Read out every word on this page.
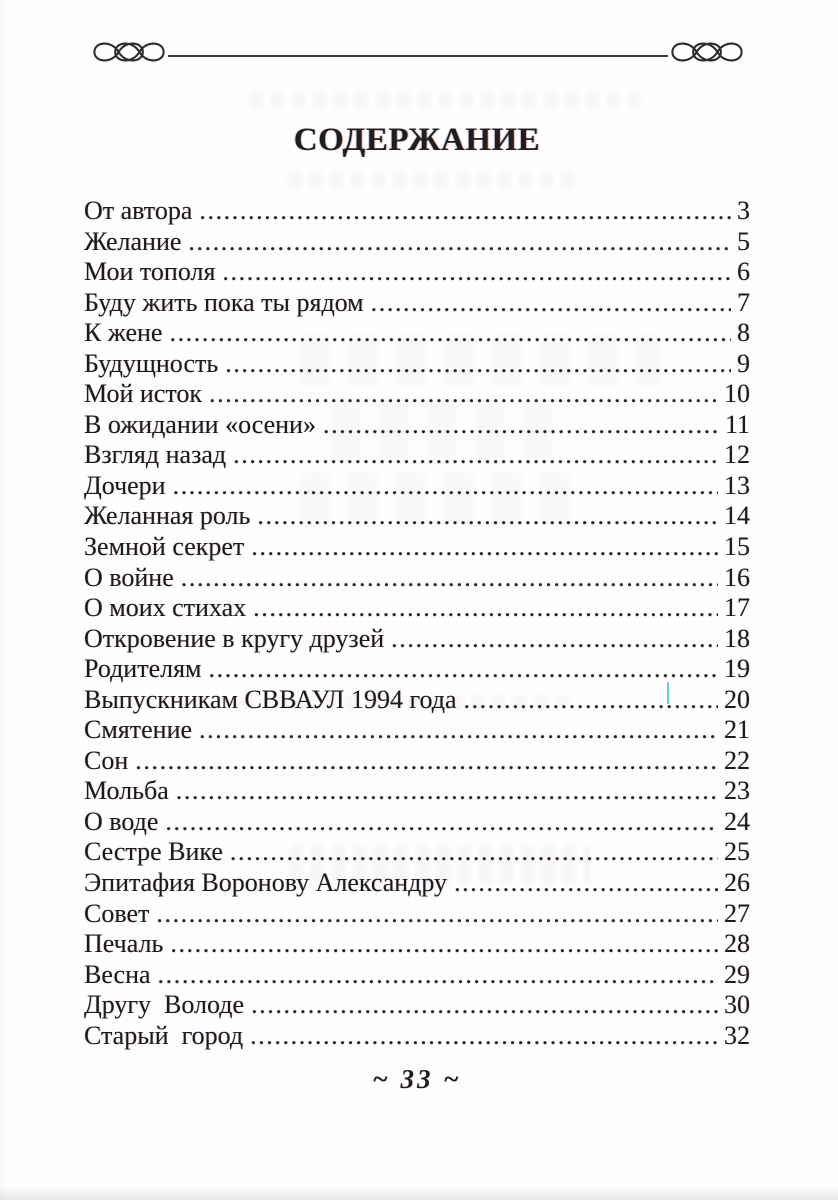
СОДЕРЖАНИЕ
От автора .....	3
Желание .....	5
Мои тополя .....	6
Буду жить пока ты рядом .....	7
К жене .....	8
Будущность .....	9
Мой исток .....	10
В ожидании «осени» .....	11
Взгляд назад .....	12
Дочери .....	13
Желанная роль .....	14
Земной секрет .....	15
О войне .....	16
О моих стихах .....	17
Откровение в кругу друзей .....	18
Родителям .....	19
Выпускникам СВВАУЛ 1994 года .....	20
Смятение .....	21
Сон .....	22
Мольба .....	23
О воде .....	24
Сестре Вике .....	25
Эпитафия Воронову Александру .....	26
Совет .....	27
Печаль .....	28
Весна .....	29
Другу  Володе .....	30
Старый  город .....	32
~ 33 ~
